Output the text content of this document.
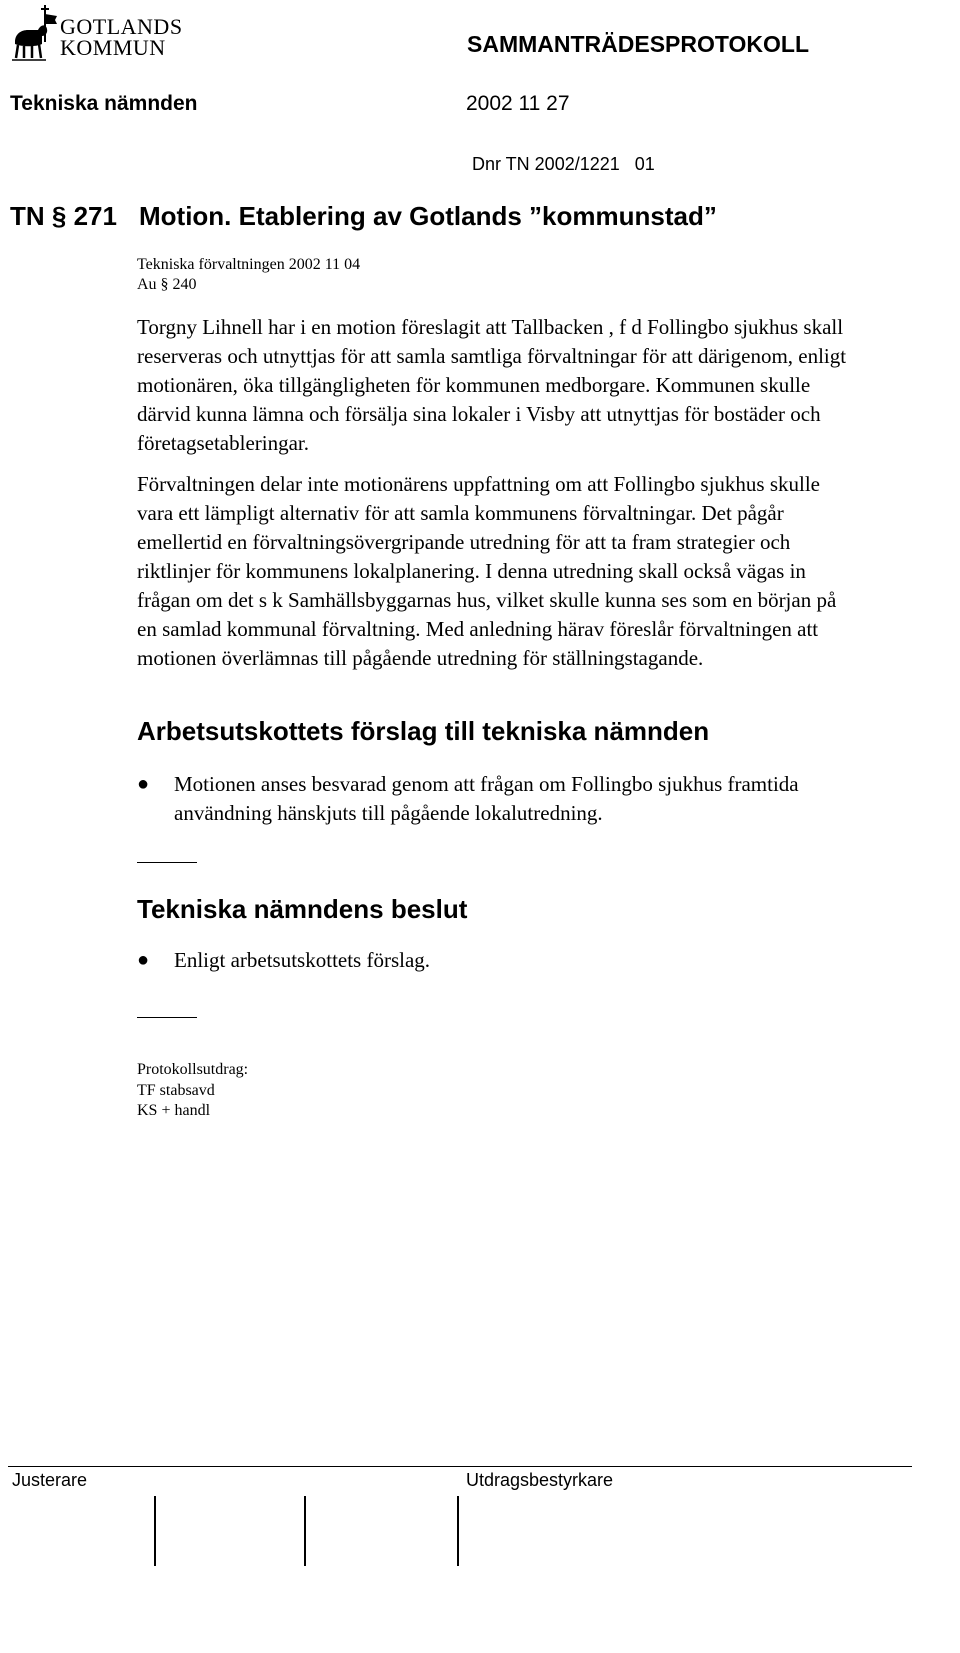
GOTLANDS
KOMMUN	SAMMANTRÄDESPROTOKOLL
Tekniska nämnden	2002 11 27
Dnr TN 2002/1221   01
TN § 271 Motion. Etablering av Gotlands ”kommunstad”
Tekniska förvaltningen 2002 11 04
Au § 240

Torgny Lihnell har i en motion föreslagit att Tallbacken , f d Follingbo sjukhus skall reserveras och utnyttjas för att samla samtliga förvaltningar för att därigenom, enligt motionären, öka tillgängligheten för kommunen medborgare. Kommunen skulle därvid kunna lämna och försälja sina lokaler i Visby att utnyttjas för bostäder och företagsetableringar.

Förvaltningen delar inte motionärens uppfattning om att Follingbo sjukhus skulle vara ett lämpligt alternativ för att samla kommunens förvaltningar. Det pågår emellertid en förvaltningsövergripande utredning för att ta fram strategier och riktlinjer för kommunens lokalplanering. I denna utredning skall också vägas in frågan om det s k Samhällsbyggarnas hus, vilket skulle kunna ses som en början på en samlad kommunal förvaltning. Med anledning härav föreslår förvaltningen att motionen överlämnas till pågående utredning för ställningstagande.

Arbetsutskottets förslag till tekniska nämnden
●	Motionen anses besvarad genom att frågan om Follingbo sjukhus framtida användning hänskjuts till pågående lokalutredning.
Tekniska nämndens beslut
●	Enligt arbetsutskottets förslag.
Protokollsutdrag:
TF stabsavd
KS + handl
Justerare	Utdragsbestyrkare
